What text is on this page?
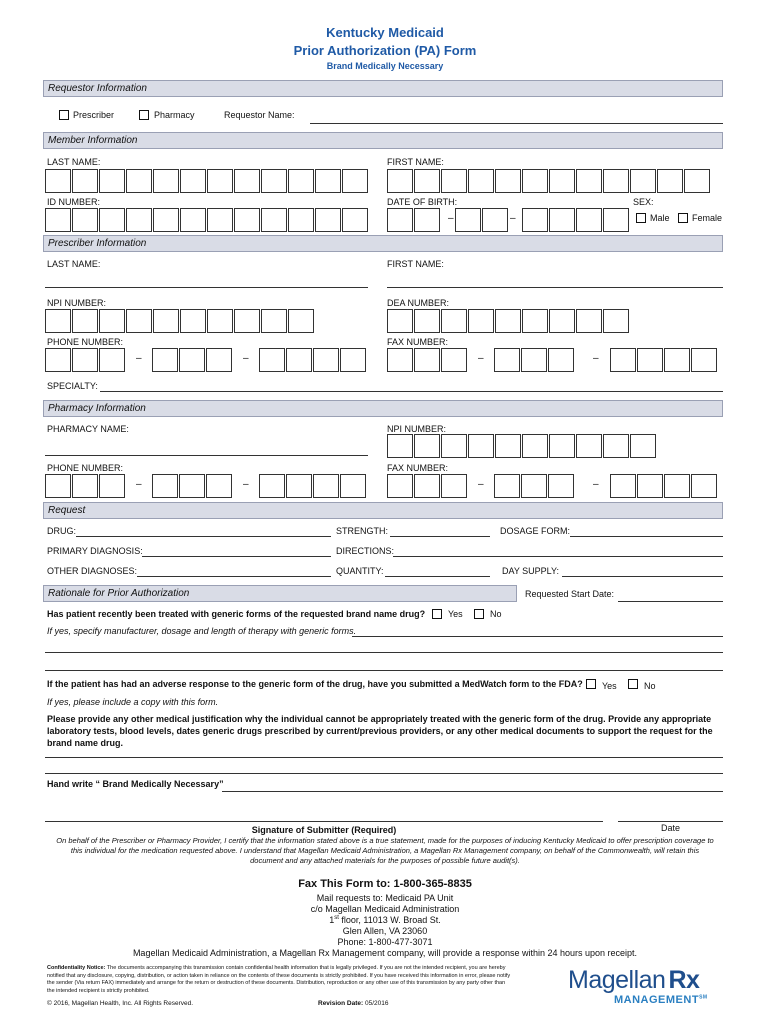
Kentucky Medicaid
Prior Authorization (PA) Form
Brand Medically Necessary
Requestor Information
Prescriber	Pharmacy	Requestor Name:
Member Information
LAST NAME:	FIRST NAME:
ID NUMBER:	DATE OF BIRTH:	SEX:
–	–	Male Female
Prescriber Information
LAST NAME:	FIRST NAME:
NPI NUMBER:	DEA NUMBER:
PHONE NUMBER:	FAX NUMBER:
–	–	–	–
SPECIALTY:
Pharmacy Information
PHARMACY NAME:	NPI NUMBER:
PHONE NUMBER:	FAX NUMBER:
–	–	–	–
Request
DRUG:	STRENGTH:	DOSAGE FORM:
PRIMARY DIAGNOSIS:	DIRECTIONS:
OTHER DIAGNOSES:	QUANTITY:	DAY SUPPLY:
Rationale for Prior Authorization	Requested Start Date:
Has patient recently been treated with generic forms of the requested brand name drug?	Yes	No
If yes, specify manufacturer, dosage and length of therapy with generic forms.
If the patient has had an adverse response to the generic form of the drug, have you submitted a MedWatch form to the FDA? Yes	No
If yes, please include a copy with this form.
Please provide any other medical justification why the individual cannot be appropriately treated with the generic form of the drug. Provide any appropriate laboratory tests, blood levels, dates generic drugs prescribed by current/previous providers, or any other medical documents to support the request for the brand name drug.
Hand write “ Brand Medically Necessary”
Signature of Submitter (Required)	Date
On behalf of the Prescriber or Pharmacy Provider, I certify that the information stated above is a true statement, made for the purposes of inducing Kentucky Medicaid to offer prescription coverage to this individual for the medication requested above. I understand that Magellan Medicaid Administration, a Magellan Rx Management company, on behalf of the Commonwealth, will retain this document and any attached materials for the purposes of possible future audit(s).
Fax This Form to: 1-800-365-8835
Mail requests to: Medicaid PA Unit
c/o Magellan Medicaid Administration
1st floor, 11013 W. Broad St.
Glen Allen, VA 23060
Phone: 1-800-477-3071
Magellan Medicaid Administration, a Magellan Rx Management company, will provide a response within 24 hours upon receipt.
Confidentiality Notice: The documents accompanying this transmission contain confidential health information that is legally privileged. If you are not the intended recipient, you are hereby notified that any disclosure, copying, distribution, or action taken in reliance on the contents of these documents is strictly prohibited. If you have received this information in error, please notify the sender (Via return FAX) immediately and arrange for the return or destruction of these documents. Distribution, reproduction or any other use of this transmission by any party other than the intended recipient is strictly prohibited.
© 2016, Magellan Health, Inc. All Rights Reserved.	Revision Date: 05/2016
Magellan Rx
MANAGEMENT℠
